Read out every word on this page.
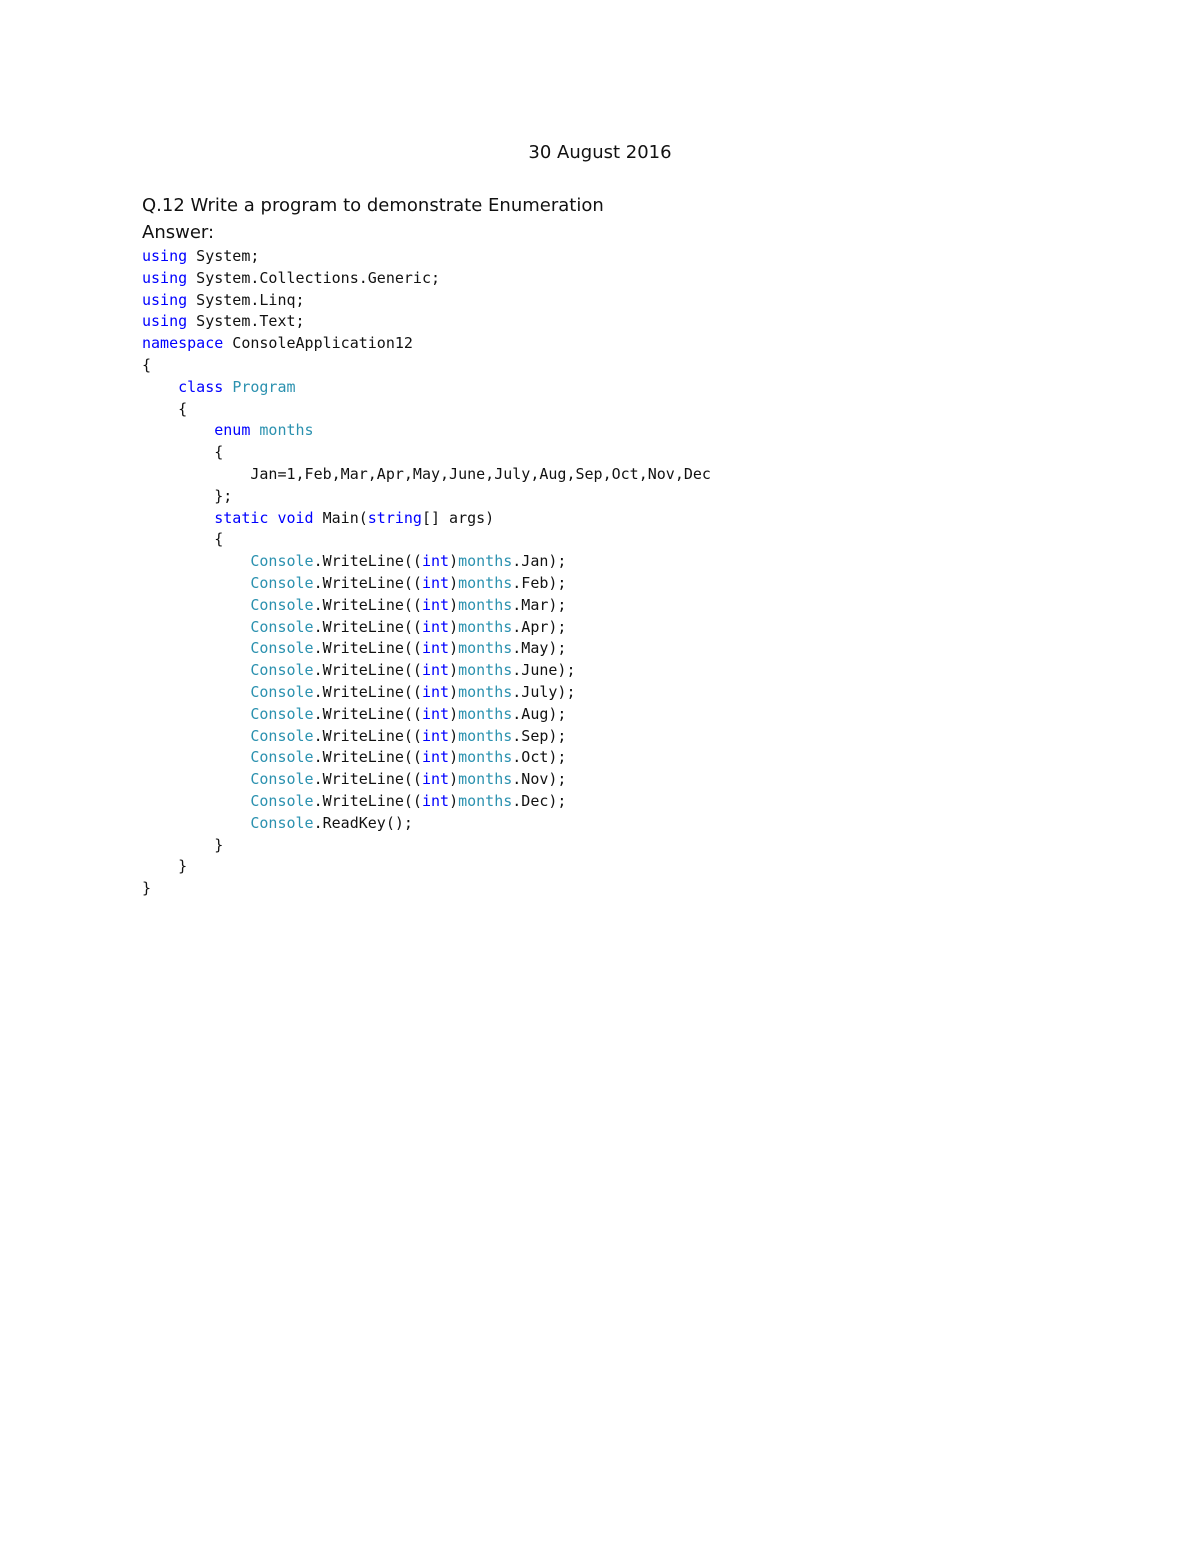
30 August 2016
Q.12 Write a program to demonstrate Enumeration
Answer:
using System;
using System.Collections.Generic;
using System.Linq;
using System.Text;
namespace ConsoleApplication12
{
class Program
{
enum months
{
Jan=1,Feb,Mar,Apr,May,June,July,Aug,Sep,Oct,Nov,Dec
};
static void Main(string[] args)
{
Console.WriteLine((int)months.Jan);
Console.WriteLine((int)months.Feb);
Console.WriteLine((int)months.Mar);
Console.WriteLine((int)months.Apr);
Console.WriteLine((int)months.May);
Console.WriteLine((int)months.June);
Console.WriteLine((int)months.July);
Console.WriteLine((int)months.Aug);
Console.WriteLine((int)months.Sep);
Console.WriteLine((int)months.Oct);
Console.WriteLine((int)months.Nov);
Console.WriteLine((int)months.Dec);
Console.ReadKey();
}
}
}
